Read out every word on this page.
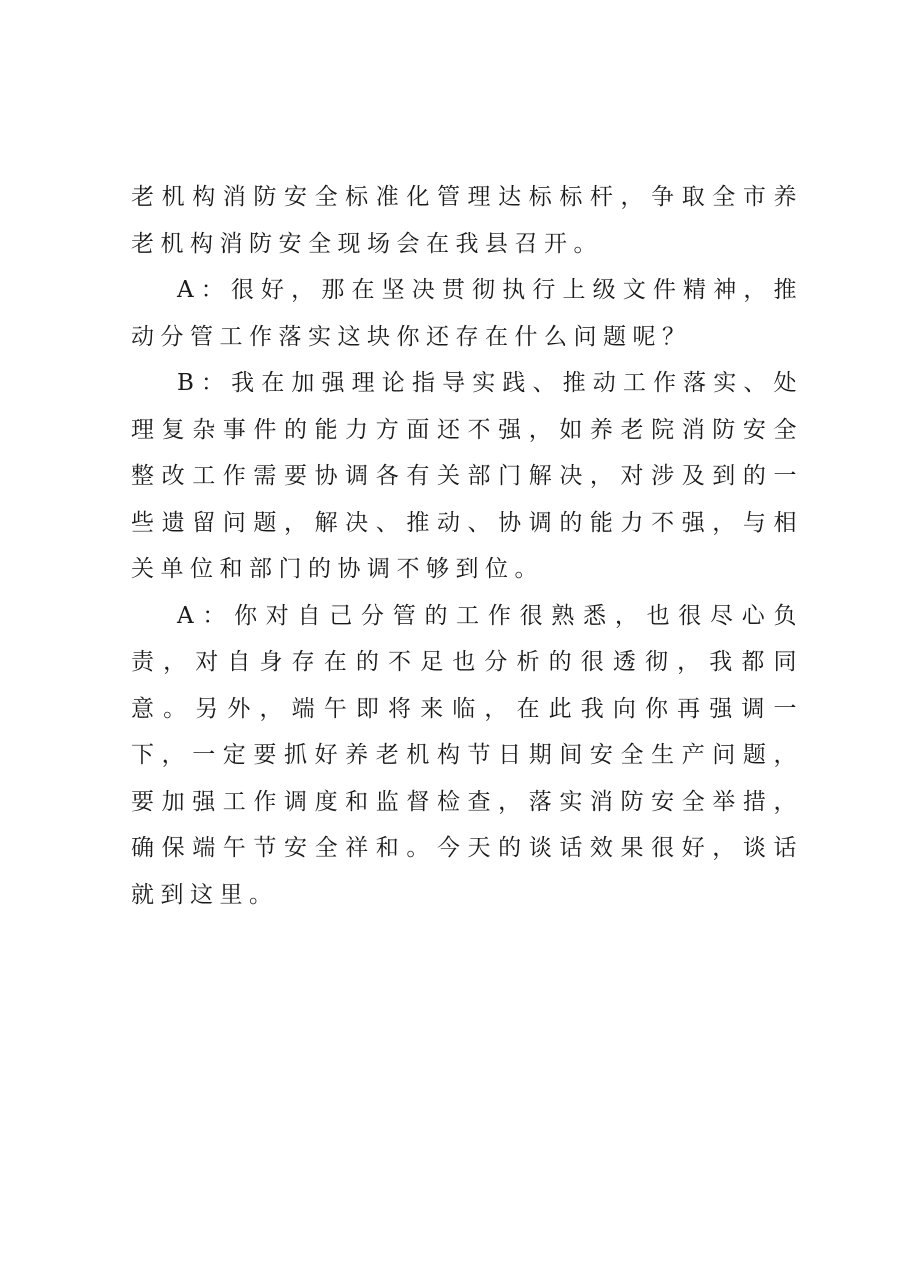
老机构消防安全标准化管理达标标杆，争取全市养老机构消防安全现场会在我县召开。

A：很好，那在坚决贯彻执行上级文件精神，推动分管工作落实这块你还存在什么问题呢？

B：我在加强理论指导实践、推动工作落实、处理复杂事件的能力方面还不强，如养老院消防安全整改工作需要协调各有关部门解决，对涉及到的一些遗留问题，解决、推动、协调的能力不强，与相关单位和部门的协调不够到位。

A：你对自己分管的工作很熟悉，也很尽心负责，对自身存在的不足也分析的很透彻，我都同意。另外，端午即将来临，在此我向你再强调一下，一定要抓好养老机构节日期间安全生产问题，要加强工作调度和监督检查，落实消防安全举措，确保端午节安全祥和。今天的谈话效果很好，谈话就到这里。
